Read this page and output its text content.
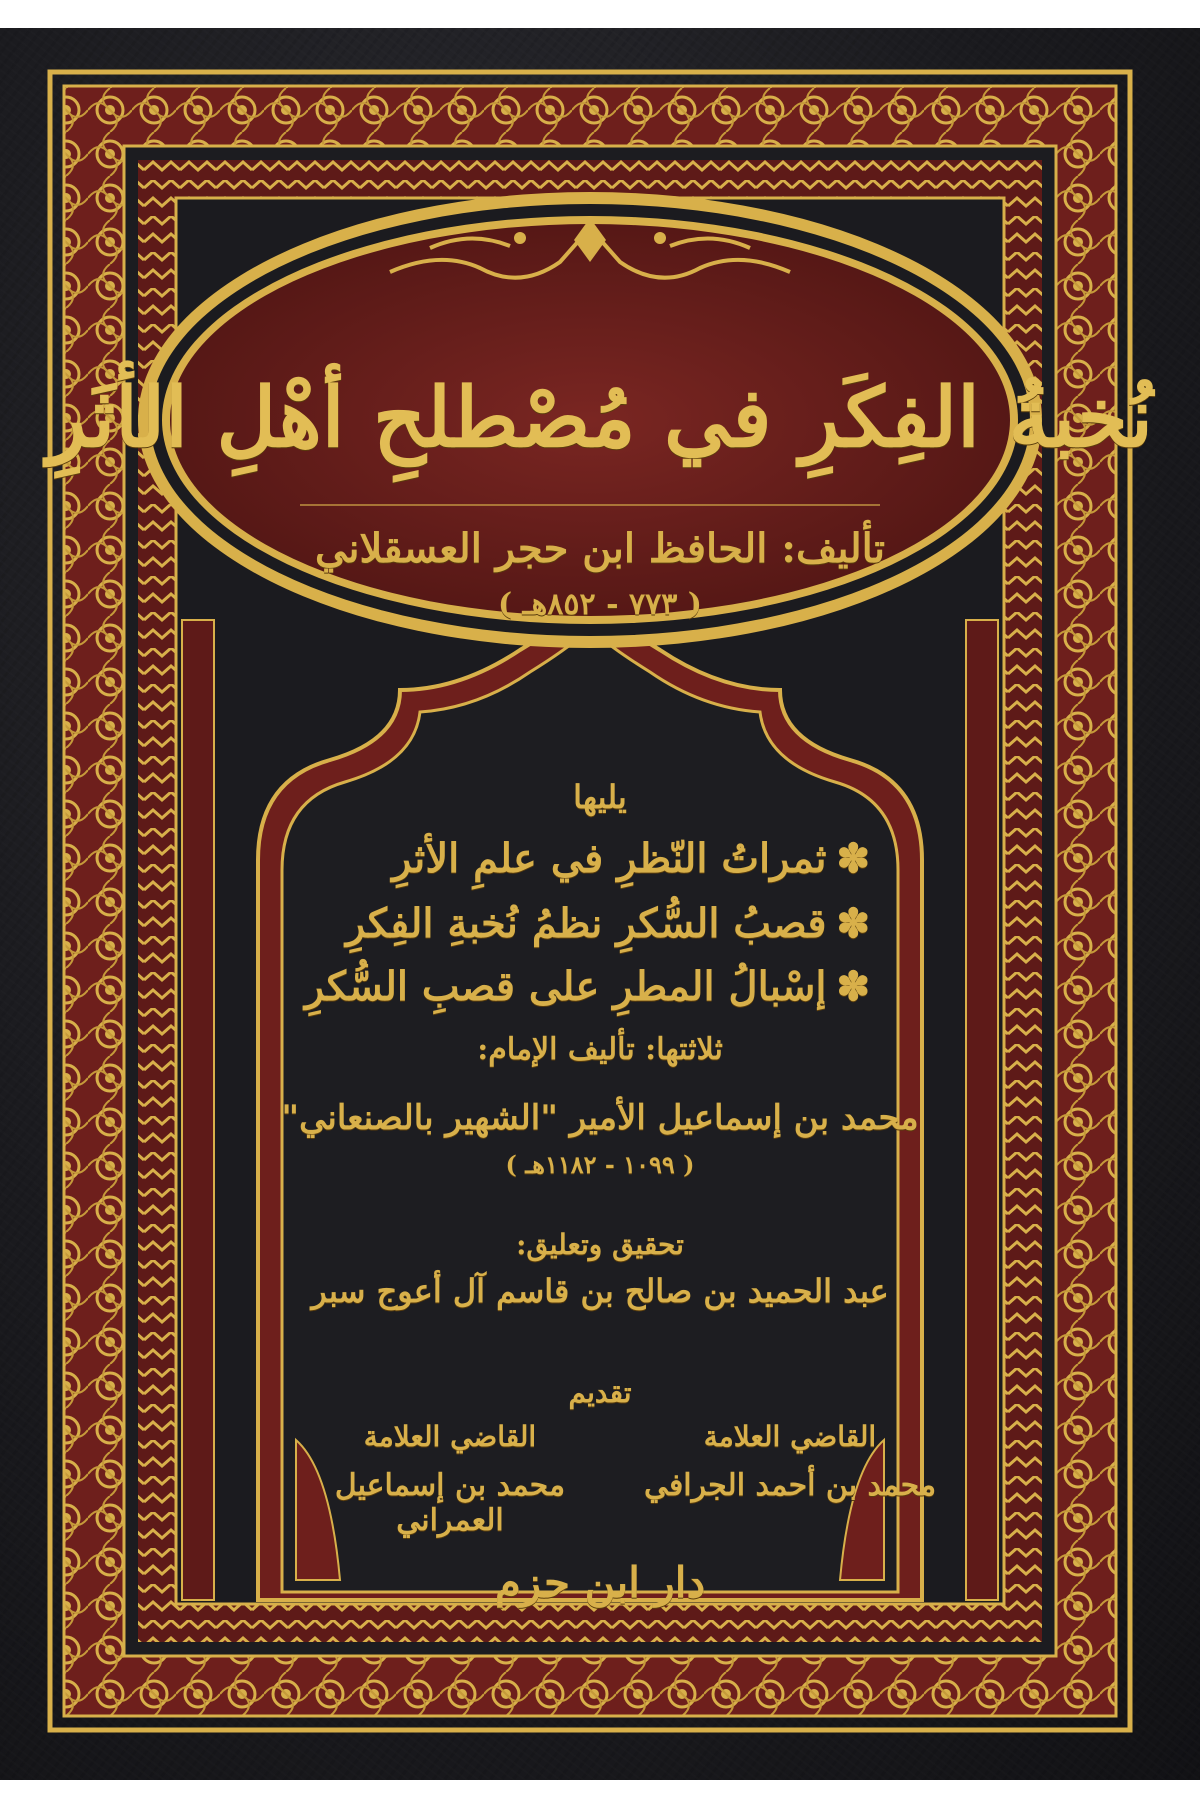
نُخبةُ الفِكَرِ في مُصْطلحِ أهْلِ الأثَرِ
تأليف: الحافظ ابن حجر العسقلاني
( ٧٧٣ - ٨٥٢هـ )
يليها
✽ثمراتُ النّظرِ في علمِ الأثرِ
✽قصبُ السُّكرِ نظمُ نُخبةِ الفِكرِ
✽إسْبالُ المطرِ على قصبِ السُّكرِ
ثلاثتها: تأليف الإمام:
محمد بن إسماعيل الأمير "الشهير بالصنعاني"
( ١٠٩٩ - ١١٨٢هـ )
تحقيق وتعليق:
عبد الحميد بن صالح بن قاسم آل أعوج سبر
تقديم
القاضي العلامة
محمد بن أحمد الجرافي
القاضي العلامة
محمد بن إسماعيل العمراني
دار ابن حزم
